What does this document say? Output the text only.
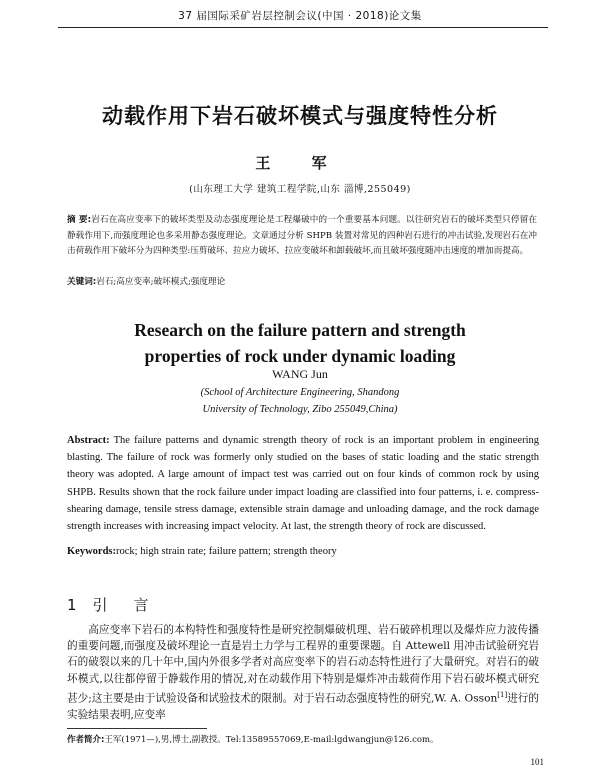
37 届国际采矿岩层控制会议(中国 · 2018)论文集
动载作用下岩石破坏模式与强度特性分析
王 军
(山东理工大学 建筑工程学院,山东 淄博,255049)
摘 要:岩石在高应变率下的破坏类型及动态强度理论是工程爆破中的一个重要基本问题。以往研究岩石的破坏类型只停留在静载作用下,而强度理论也多采用静态强度理论。文章通过分析 SHPB 装置对常见的四种岩石进行的冲击试验,发现岩石在冲击荷载作用下破坏分为四种类型:压剪破坏、拉应力破坏、拉应变破坏和卸载破坏,而且破坏强度随冲击速度的增加而提高。
关键词:岩石;高应变率;破坏模式;强度理论
Research on the failure pattern and strength
properties of rock under dynamic loading
WANG Jun
(School of Architecture Engineering, Shandong
University of Technology, Zibo 255049,China)
Abstract: The failure patterns and dynamic strength theory of rock is an important problem in engineering blasting. The failure of rock was formerly only studied on the bases of static loading and the static strength theory was adopted. A large amount of impact test was carried out on four kinds of common rock by using SHPB. Results shown that the rock failure under impact loading are classified into four patterns, i. e. compress-shearing damage, tensile stress damage, extensible strain damage and unloading damage, and the rock damage strength increases with increasing impact velocity. At last, the strength theory of rock are discussed.
Keywords:rock; high strain rate; failure pattern; strength theory
1 引言

高应变率下岩石的本构特性和强度特性是研究控制爆破机理、岩石破碎机理以及爆炸应力波传播的重要问题,而强度及破坏理论一直是岩土力学与工程界的重要课题。自 Attewell 用冲击试验研究岩石的破裂以来的几十年中,国内外很多学者对高应变率下的岩石动态特性进行了大量研究。对岩石的破坏模式,以往都停留于静载作用的情况,对在动载作用下特别是爆炸冲击载荷作用下岩石破坏模式研究甚少;这主要是由于试验设备和试验技术的限制。对于岩石动态强度特性的研究,W. A. Osson[1]进行的实验结果表明,应变率

作者简介:王军(1971—),男,博士,副教授。Tel:13589557069,E-mail:lgdwangjun@126.com。
101
